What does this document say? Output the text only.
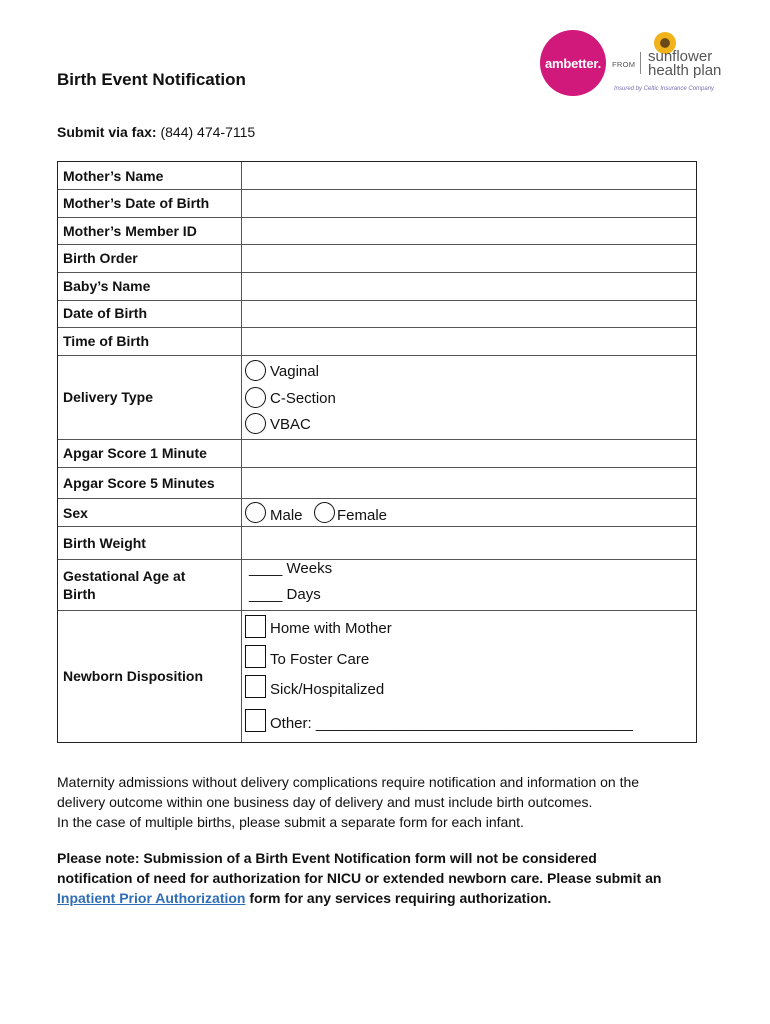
ambetter.	FROM sunflower health plan
Insured by Celtic Insurance Company
Birth Event Notification
Submit via fax: (844) 474-7115
Mother’s Name
Mother’s Date of Birth
Mother’s Member ID
Birth Order
Baby’s Name
Date of Birth
Time of Birth
Delivery Type
Vaginal
C-Section
VBAC
Apgar Score 1 Minute
Apgar Score 5 Minutes
Sex	Male Female
Birth Weight
Gestational Age at
Birth
____ Weeks
____ Days
Newborn Disposition
Home with Mother
To Foster Care
Sick/Hospitalized
Other: ______________________________________
Maternity admissions without delivery complications require notification and information on the
delivery outcome within one business day of delivery and must include birth outcomes.
In the case of multiple births, please submit a separate form for each infant.
Please note: Submission of a Birth Event Notification form will not be considered
notification of need for authorization for NICU or extended newborn care. Please submit an
Inpatient Prior Authorization form for any services requiring authorization.
